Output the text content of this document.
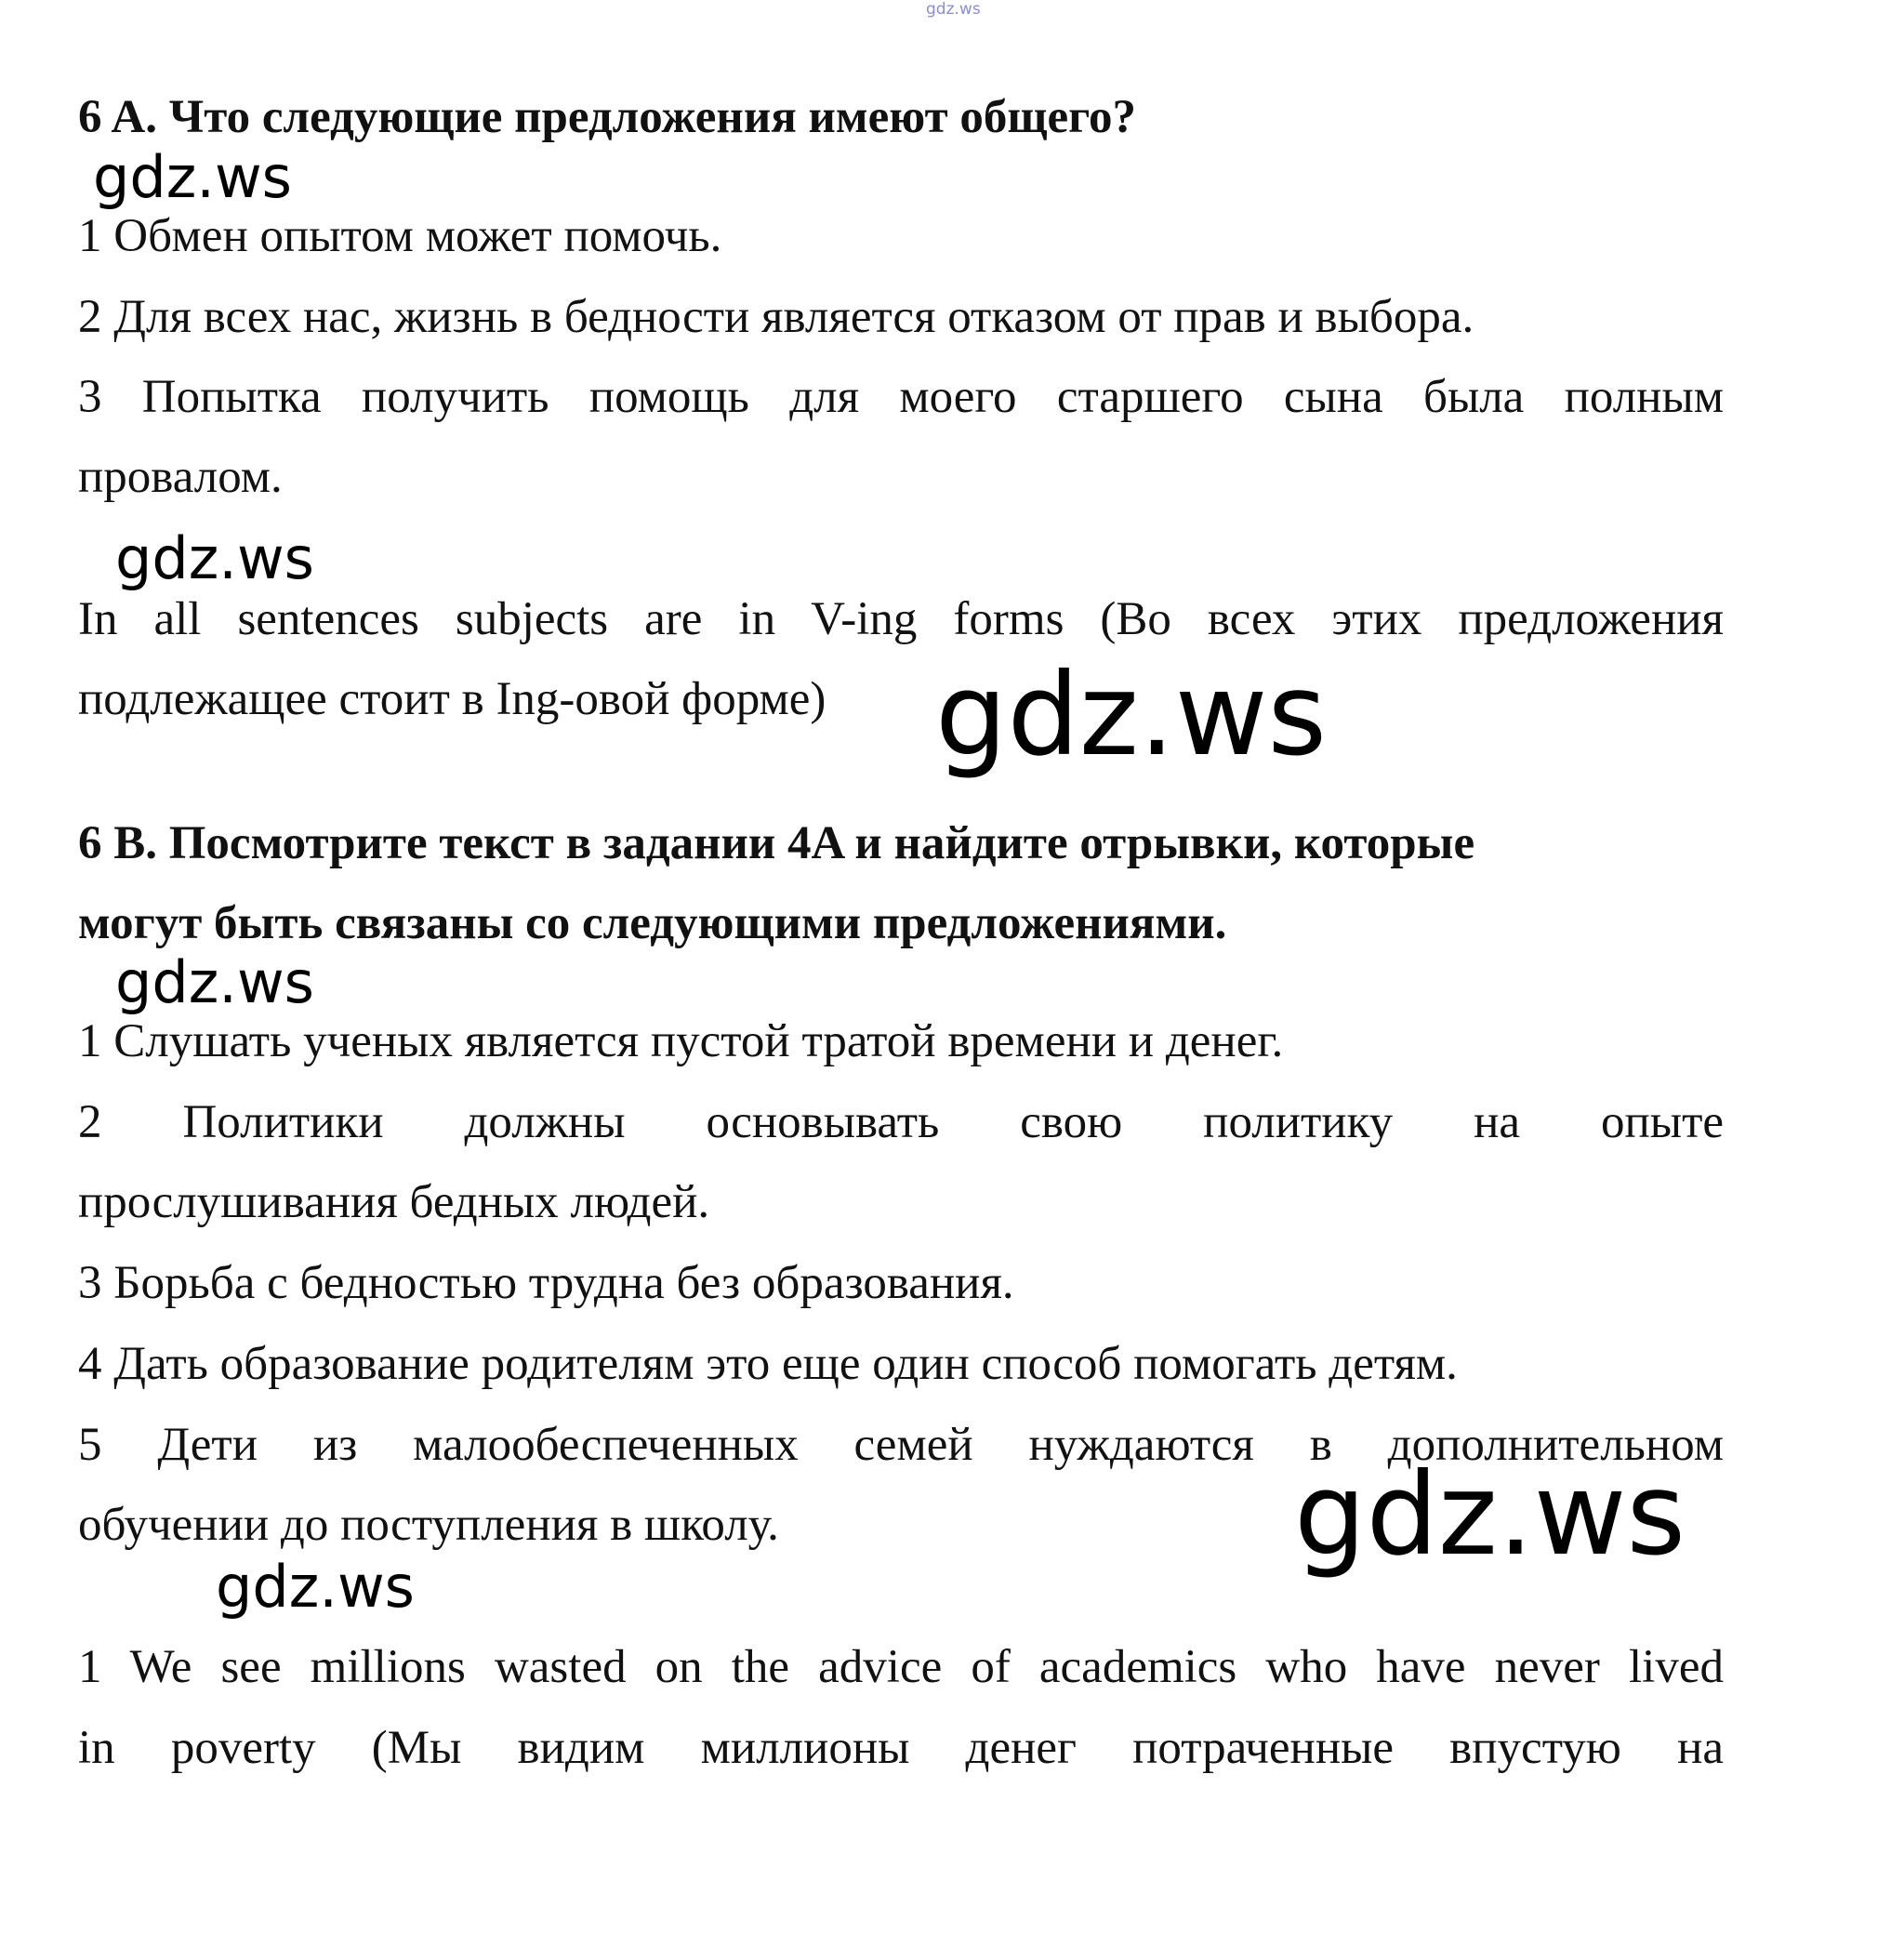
gdz.ws
6 A. Что следующие предложения имеют общего?
gdz.ws
1 Обмен опытом может помочь.
2 Для всех нас, жизнь в бедности является отказом от прав и выбора.
3 Попытка получить помощь для моего старшего сына была полным
провалом.
gdz.ws
In all sentences subjects are in V-ing forms (Во всех этих предложения
подлежащее стоит в Ing-овой форме) gdz.ws
6 B. Посмотрите текст в задании 4A и найдите отрывки, которые
могут быть связаны со следующими предложениями.
gdz.ws
1 Слушать ученых является пустой тратой времени и денег.
2 Политики должны основывать свою политику на опыте
прослушивания бедных людей.
3 Борьба с бедностью трудна без образования.
4 Дать образование родителям это еще один способ помогать детям.
5 Дети из малообеспеченных семей нуждаются в дополнительном
обучении до поступления в школу.	gdz.ws
gdz.ws
1 We see millions wasted on the advice of academics who have never lived
in poverty (Мы видим миллионы денег потраченные впустую на
